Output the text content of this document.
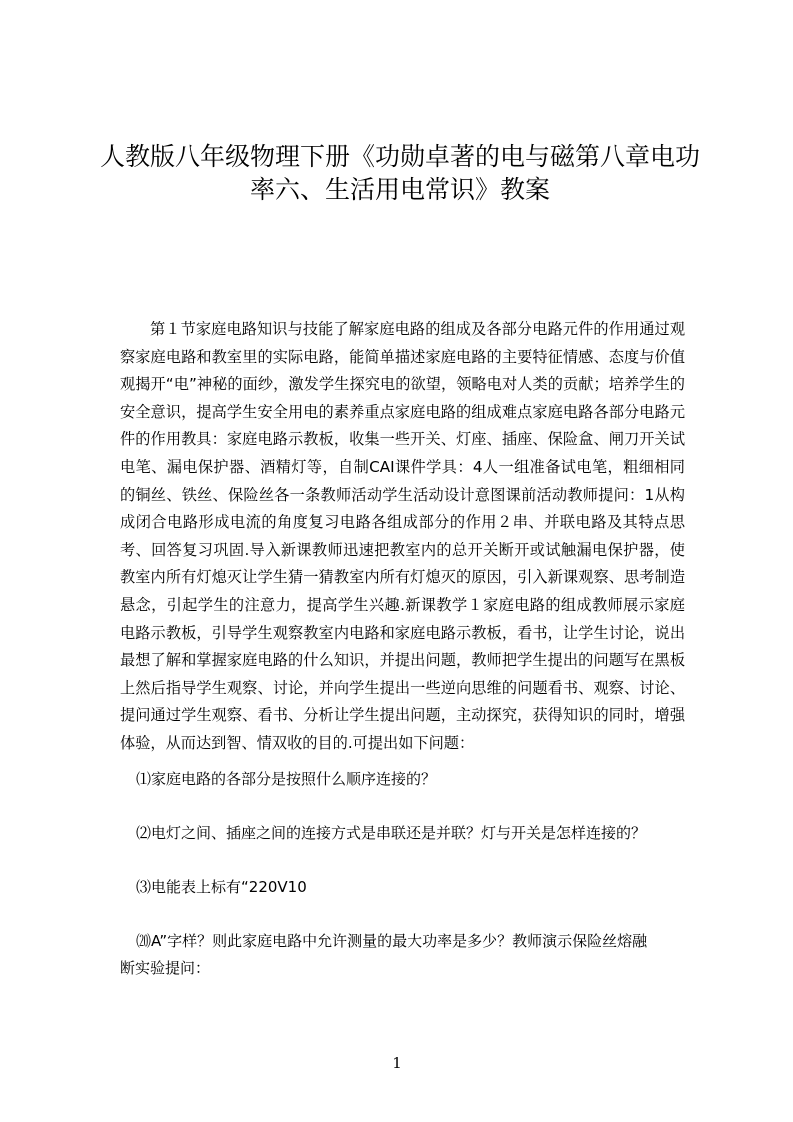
人教版八年级物理下册《功勋卓著的电与磁第八章电功
率六、生活用电常识》教案

第１节家庭电路知识与技能了解家庭电路的组成及各部分电路元件的作用通过观察家庭电路和教室里的实际电路，能简单描述家庭电路的主要特征情感、态度与价值观揭开“电”神秘的面纱，激发学生探究电的欲望，领略电对人类的贡献；培养学生的安全意识，提高学生安全用电的素养重点家庭电路的组成难点家庭电路各部分电路元件的作用教具：家庭电路示教板，收集一些开关、灯座、插座、保险盒、闸刀开关试电笔、漏电保护器、酒精灯等，自制CAI课件学具：4人一组准备试电笔，粗细相同的铜丝、铁丝、保险丝各一条教师活动学生活动设计意图课前活动教师提问：1从构成闭合电路形成电流的角度复习电路各组成部分的作用２串、并联电路及其特点思考、回答复习巩固.导入新课教师迅速把教室内的总开关断开或试触漏电保护器，使教室内所有灯熄灭让学生猜一猜教室内所有灯熄灭的原因，引入新课观察、思考制造悬念，引起学生的注意力，提高学生兴趣.新课教学１家庭电路的组成教师展示家庭电路示教板，引导学生观察教室内电路和家庭电路示教板，看书，让学生讨论，说出最想了解和掌握家庭电路的什么知识，并提出问题，教师把学生提出的问题写在黑板上然后指导学生观察、讨论，并向学生提出一些逆向思维的问题看书、观察、讨论、提问通过学生观察、看书、分析让学生提出问题，主动探究，获得知识的同时，增强体验，从而达到智、情双收的目的.可提出如下问题：

⑴家庭电路的各部分是按照什么顺序连接的？

⑵电灯之间、插座之间的连接方式是串联还是并联？灯与开关是怎样连接的？

⑶电能表上标有“220V10

⒇A”字样？则此家庭电路中允许测量的最大功率是多少？教师演示保险丝熔融

断实验提问：

1
